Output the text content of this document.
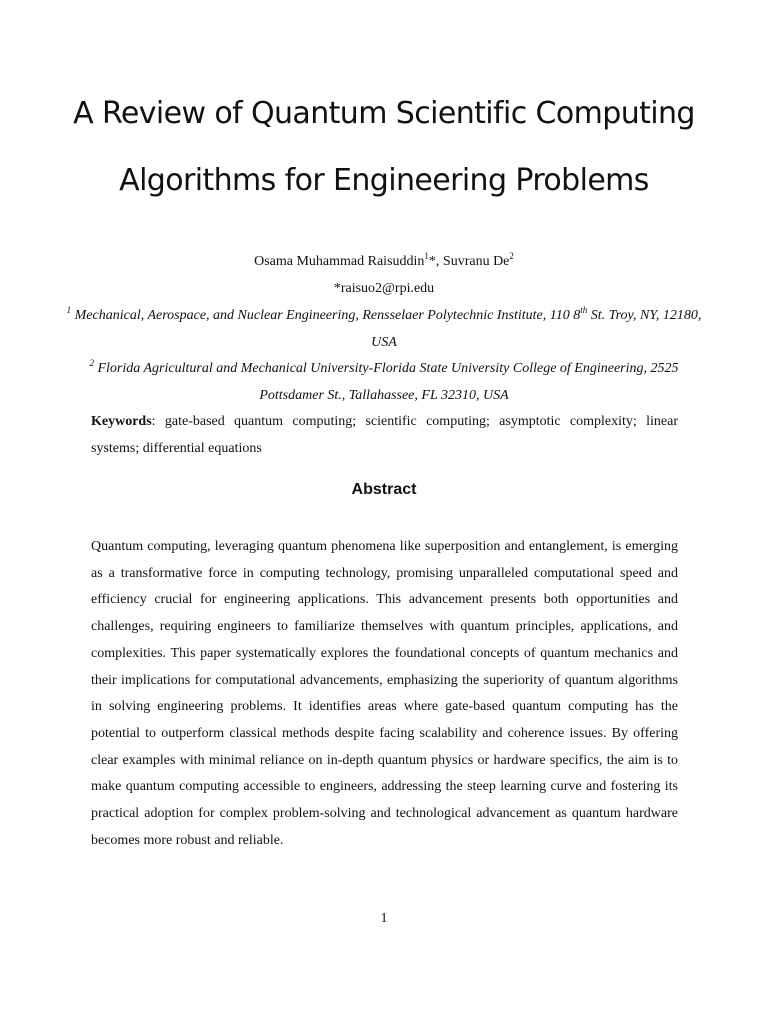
A Review of Quantum Scientific Computing
Algorithms for Engineering Problems
Osama Muhammad Raisuddin$^1$*, Suvranu De$^2$
*raisuo2@rpi.edu
$^1$ Mechanical, Aerospace, and Nuclear Engineering, Rensselaer Polytechnic Institute, 110 8th St. Troy, NY, 12180, USA
$^2$ Florida Agricultural and Mechanical University-Florida State University College of Engineering, 2525 Pottsdamer St., Tallahassee, FL 32310, USA
Keywords: gate-based quantum computing; scientific computing; asymptotic complexity; linear systems; differential equations
Abstract

Quantum computing, leveraging quantum phenomena like superposition and entanglement, is emerging as a transformative force in computing technology, promising unparalleled computational speed and efficiency crucial for engineering applications. This advancement presents both opportunities and challenges, requiring engineers to familiarize themselves with quantum principles, applications, and complexities. This paper systematically explores the foundational concepts of quantum mechanics and their implications for computational advancements, emphasizing the superiority of quantum algorithms in solving engineering problems. It identifies areas where gate-based quantum computing has the potential to outperform classical methods despite facing scalability and coherence issues. By offering clear examples with minimal reliance on in-depth quantum physics or hardware specifics, the aim is to make quantum computing accessible to engineers, addressing the steep learning curve and fostering its practical adoption for complex problem-solving and technological advancement as quantum hardware becomes more robust and reliable.

1
